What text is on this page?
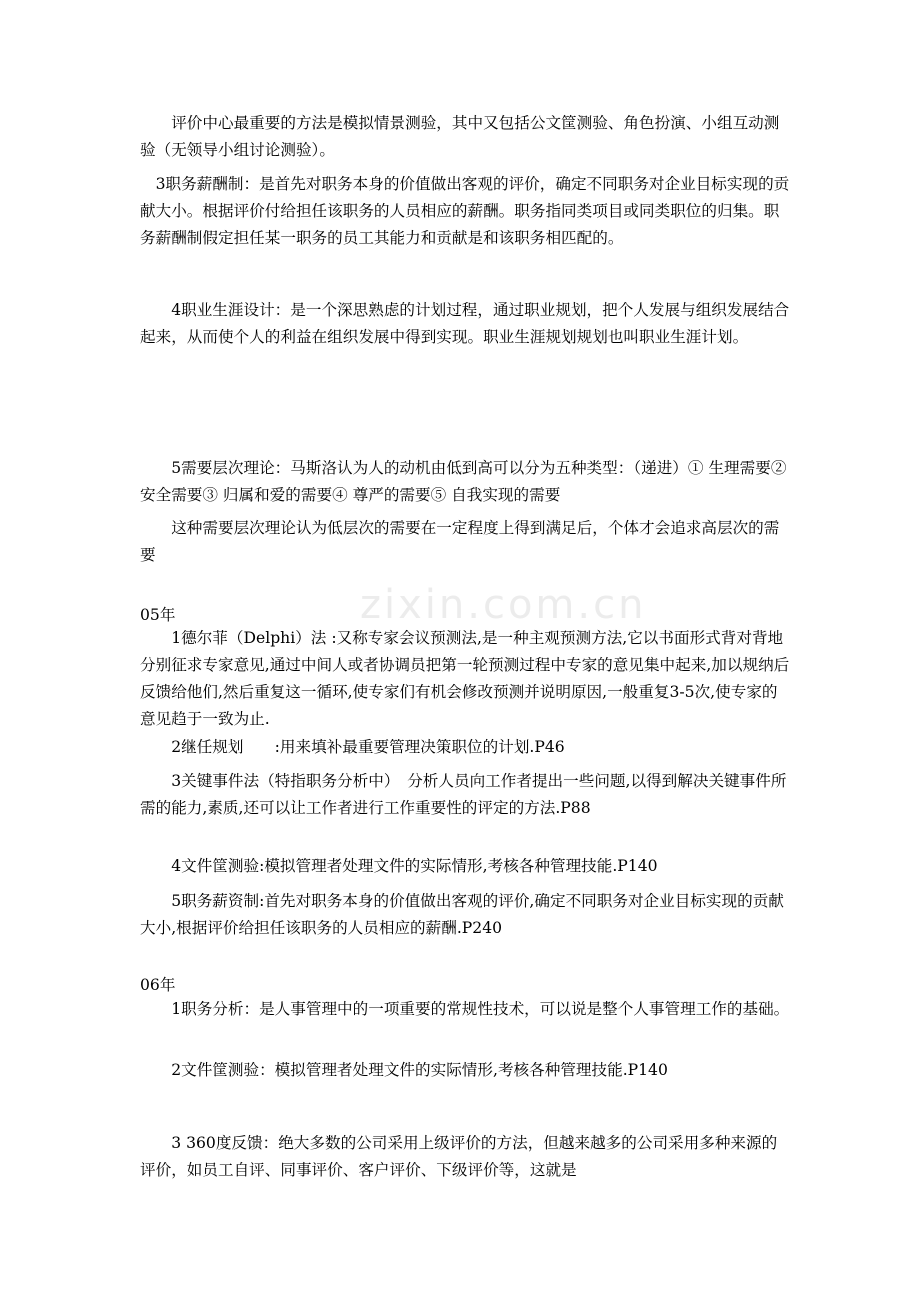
zixin.com.cn

　　评价中心最重要的方法是模拟情景测验，其中又包括公文筐测验、角色扮演、小组互动测验（无领导小组讨论测验）。

　3职务薪酬制：是首先对职务本身的价值做出客观的评价，确定不同职务对企业目标实现的贡献大小。根据评价付给担任该职务的人员相应的薪酬。职务指同类项目或同类职位的归集。职务薪酬制假定担任某一职务的员工其能力和贡献是和该职务相匹配的。

　　4职业生涯设计：是一个深思熟虑的计划过程，通过职业规划，把个人发展与组织发展结合起来，从而使个人的利益在组织发展中得到实现。职业生涯规划规划也叫职业生涯计划。

　　5需要层次理论：马斯洛认为人的动机由低到高可以分为五种类型：（递进）① 生理需要② 安全需要③ 归属和爱的需要④ 尊严的需要⑤ 自我实现的需要

　　这种需要层次理论认为低层次的需要在一定程度上得到满足后，个体才会追求高层次的需要

05年

　　1德尔菲（Delphi）法 :又称专家会议预测法,是一种主观预测方法,它以书面形式背对背地分别征求专家意见,通过中间人或者协调员把第一轮预测过程中专家的意见集中起来,加以规纳后反馈给他们,然后重复这一循环,使专家们有机会修改预测并说明原因,一般重复3-5次,使专家的意见趋于一致为止.

　　2继任规划　　:用来填补最重要管理决策职位的计划.P46

　　3关键事件法（特指职务分析中）　分析人员向工作者提出一些问题,以得到解决关键事件所需的能力,素质,还可以让工作者进行工作重要性的评定的方法.P88

　　4文件筐测验:模拟管理者处理文件的实际情形,考核各种管理技能.P140

　　5职务薪资制:首先对职务本身的价值做出客观的评价,确定不同职务对企业目标实现的贡献大小,根据评价给担任该职务的人员相应的薪酬.P240

06年

　　1职务分析：是人事管理中的一项重要的常规性技术，可以说是整个人事管理工作的基础。

　　2文件筐测验：模拟管理者处理文件的实际情形,考核各种管理技能.P140

　　3 360度反馈：绝大多数的公司采用上级评价的方法，但越来越多的公司采用多种来源的评价，如员工自评、同事评价、客户评价、下级评价等，这就是
